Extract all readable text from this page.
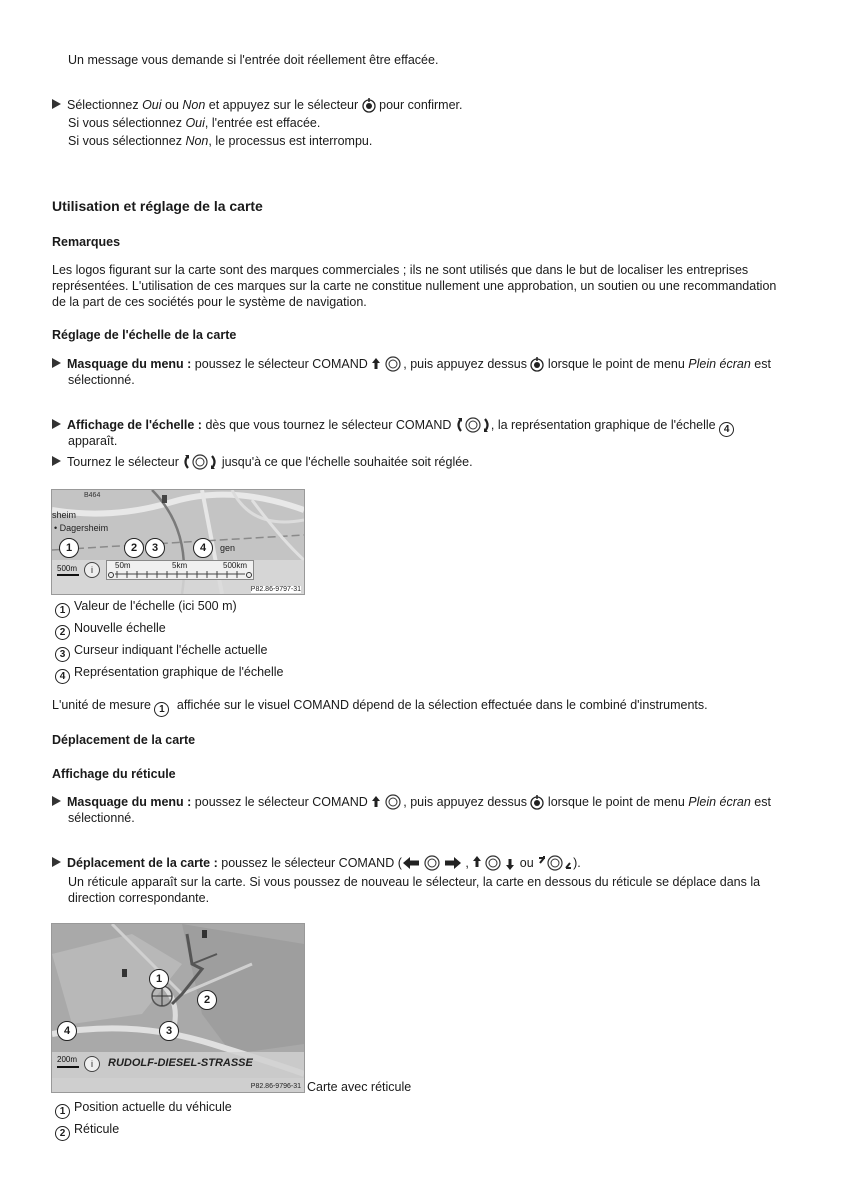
Un message vous demande si l'entrée doit réellement être effacée.
Sélectionnez Oui ou Non et appuyez sur le sélecteur  pour confirmer.
Si vous sélectionnez Oui, l'entrée est effacée.
Si vous sélectionnez Non, le processus est interrompu.
Utilisation et réglage de la carte
Remarques
Les logos figurant sur la carte sont des marques commerciales ; ils ne sont utilisés que dans le but de localiser les entreprises
représentées. L'utilisation de ces marques sur la carte ne constitue nullement une approbation, un soutien ou une recommandation
de la part de ces sociétés pour le système de navigation.
Réglage de l'échelle de la carte
Masquage du menu : poussez le sélecteur COMAND	, puis appuyez dessus  lorsque le point de menu Plein écran est
sélectionné.
Affichage de l'échelle : dès que vous tournez le sélecteur COMAND	, la représentation graphique de l'échelle 4
apparaît.
Tournez le sélecteur	jusqu'à ce que l'échelle souhaitée soit réglée.
B464
sheim
• Dagersheim
gen
1	2	3	4
500m	i	50m	5km	500km
P82.86-9797-31
1 Valeur de l'échelle (ici 500 m)
2 Nouvelle échelle
3 Curseur indiquant l'échelle actuelle
4 Représentation graphique de l'échelle
L'unité de mesure 1 affichée sur le visuel COMAND dépend de la sélection effectuée dans le combiné d'instruments.
Déplacement de la carte
Affichage du réticule
Masquage du menu : poussez le sélecteur COMAND	, puis appuyez dessus  lorsque le point de menu Plein écran est
sélectionné.
Déplacement de la carte : poussez le sélecteur COMAND (	,	ou	).
Un réticule apparaît sur la carte. Si vous poussez de nouveau le sélecteur, la carte en dessous du réticule se déplace dans la
direction correspondante.
1
2
3
4
200m	i	RUDOLF-DIESEL-STRASSE
P82.86-9796-31 Carte avec réticule
1 Position actuelle du véhicule
2 Réticule
